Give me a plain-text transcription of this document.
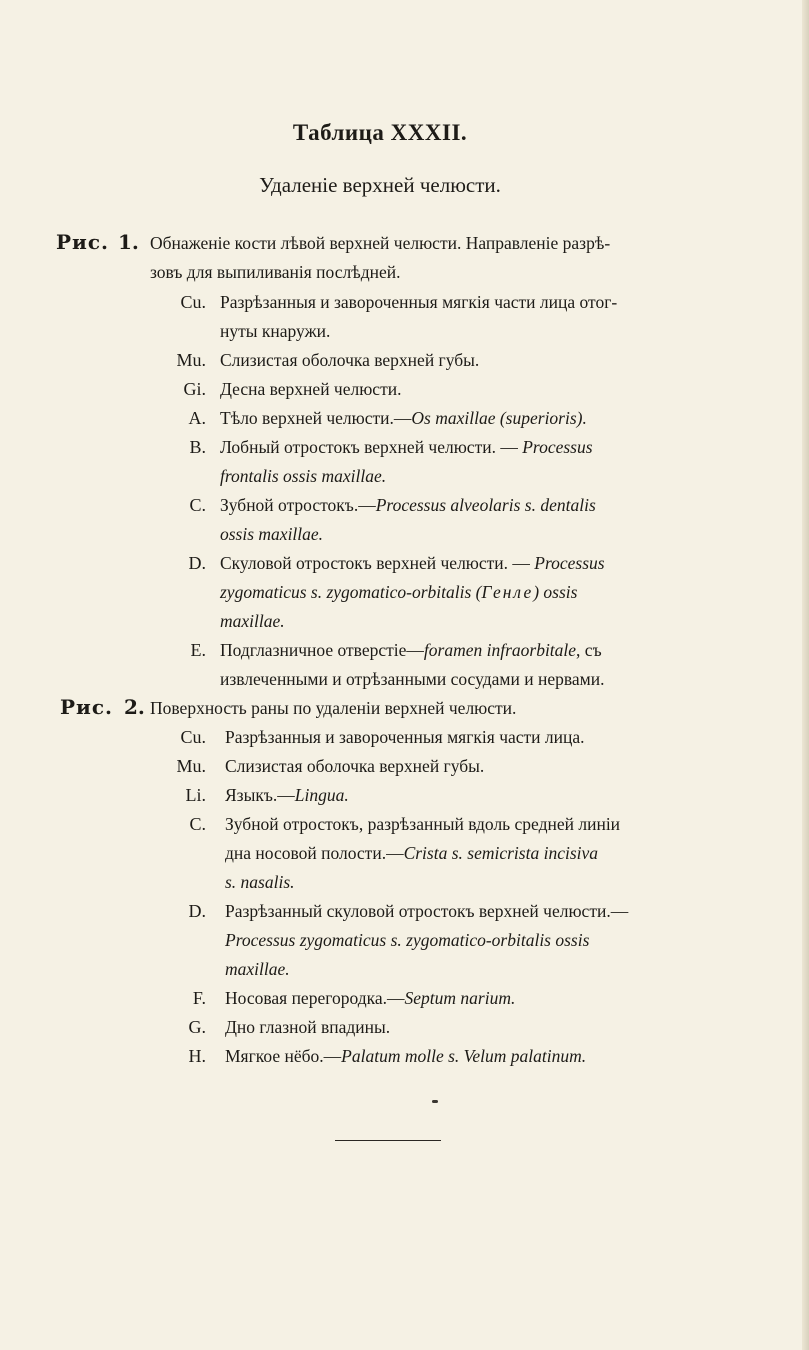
Таблица XXXII.
Удаленіе верхней челюсти.
Рис. 1. Обнаженіе кости лѣвой верхней челюсти. Направленіе разрѣ-
зовъ для выпиливанія послѣдней.
Cu. Разрѣзанныя и завороченныя мягкія части лица отог-
нуты кнаружи.
Mu. Слизистая оболочка верхней губы.
Gi. Десна верхней челюсти.
A. Тѣло верхней челюсти.—Os maxillae (superioris).
B. Лобный отростокъ верхней челюсти. — Processus
frontalis ossis maxillae.
C. Зубной отростокъ.—Processus alveolaris s. dentalis
ossis maxillae.
D. Скуловой отростокъ верхней челюсти. — Processus
zygomaticus s. zygomatico-orbitalis (Генле) ossis
maxillae.
E. Подглазничное отверстіе—foramen infraorbitale, съ
извлеченными и отрѣзанными сосудами и нервами.
Рис. 2. Поверхность раны по удаленіи верхней челюсти.
Cu. Разрѣзанныя и завороченныя мягкія части лица.
Mu. Слизистая оболочка верхней губы.
Li. Языкъ.—Lingua.
C. Зубной отростокъ, разрѣзанный вдоль средней линіи
дна носовой полости.—Crista s. semicrista incisiva
s. nasalis.
D. Разрѣзанный скуловой отростокъ верхней челюсти.—
Processus zygomaticus s. zygomatico-orbitalis ossis
maxillae.
F. Носовая перегородка.—Septum narium.
G. Дно глазной впадины.
H. Мягкое нёбо.—Palatum molle s. Velum palatinum.
